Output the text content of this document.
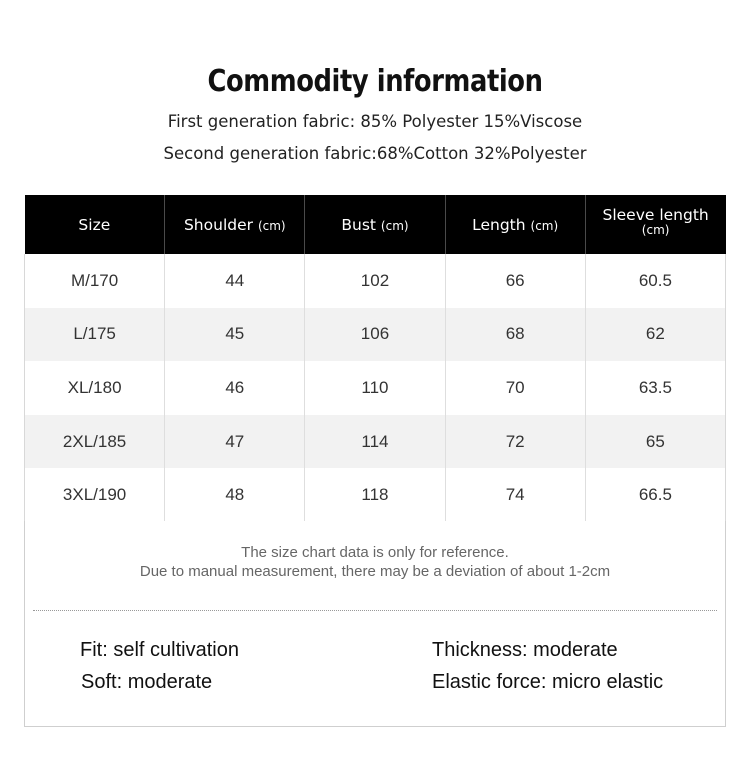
Commodity information
First generation fabric: 85% Polyester 15%Viscose
Second generation fabric:68%Cotton 32%Polyester
Size	Shoulder (cm)	Bust (cm)	Length (cm)	Sleeve length
(cm)

M/170	44	102	66	60.5
L/175	45	106	68	62
XL/180	46	110	70	63.5
2XL/185	47	114	72	65
3XL/190	48	118	74	66.5
The size chart data is only for reference.
Due to manual measurement, there may be a deviation of about 1-2cm
Fit: self cultivation
Soft: moderate
Thickness: moderate
Elastic force: micro elastic
